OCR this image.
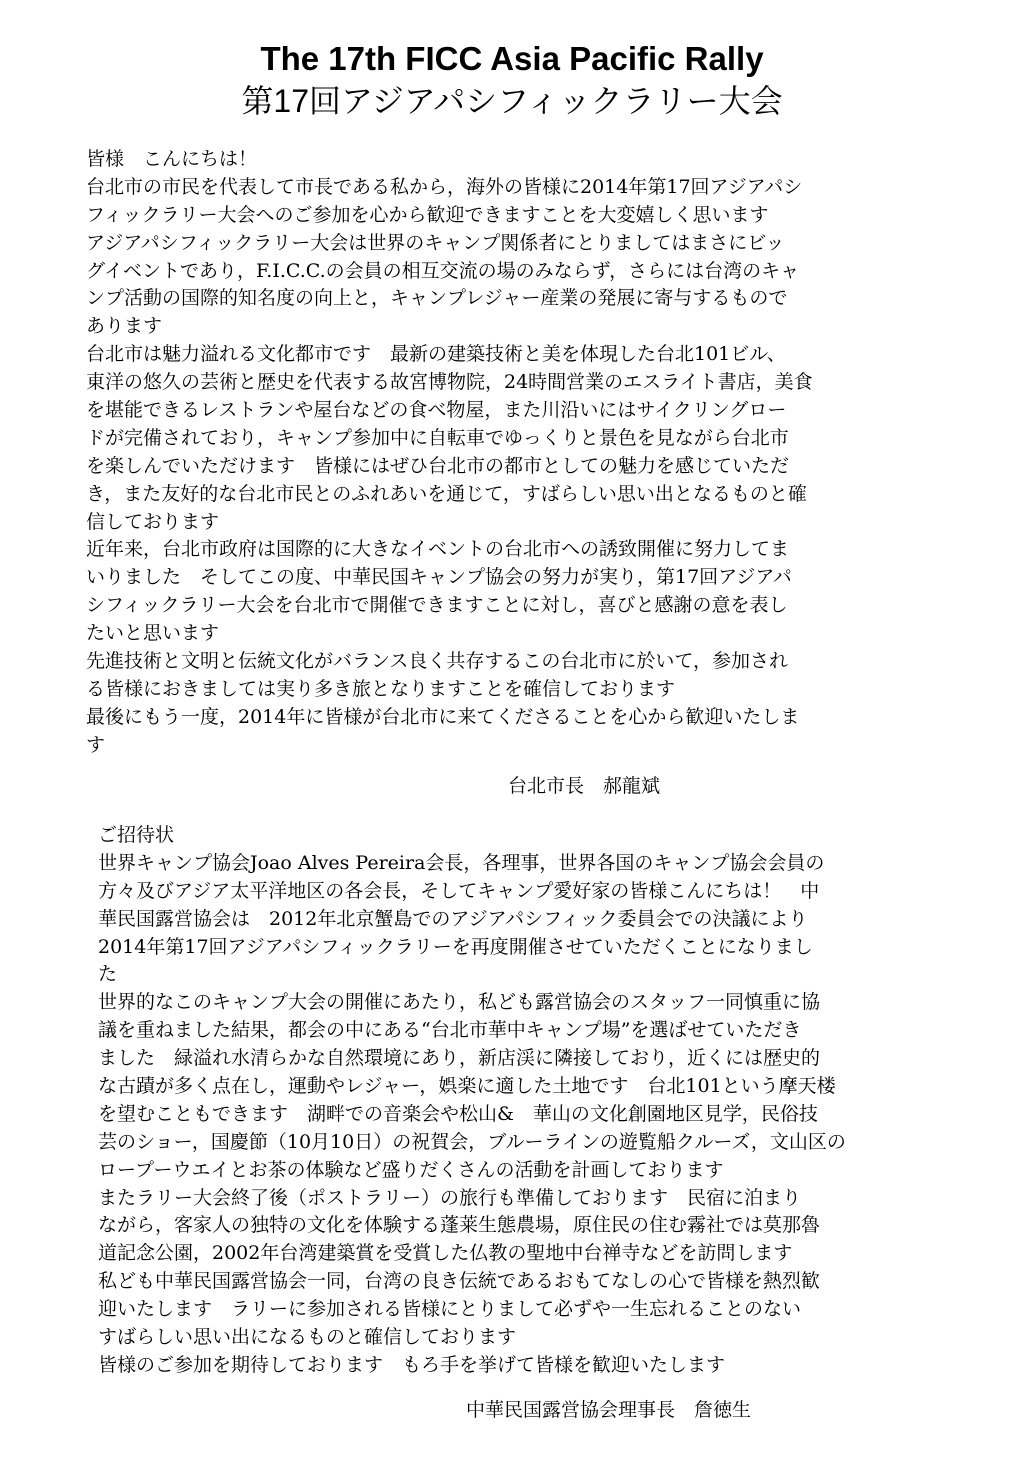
The 17th FICC Asia Pacific Rally
第17回アジアパシフィックラリー大会
皆様　こんにちは！
台北市の市民を代表して市長である私から，海外の皆様に2014年第17回アジアパシ
フィックラリー大会へのご参加を心から歓迎できますことを大変嬉しく思います
アジアパシフィックラリー大会は世界のキャンプ関係者にとりましてはまさにビッ
グイベントであり，F.I.C.C.の会員の相互交流の場のみならず，さらには台湾のキャ
ンプ活動の国際的知名度の向上と，キャンプレジャー産業の発展に寄与するもので
あります
台北市は魅力溢れる文化都市です　最新の建築技術と美を体現した台北101ビル、
東洋の悠久の芸術と歴史を代表する故宮博物院，24時間営業のエスライト書店，美食
を堪能できるレストランや屋台などの食べ物屋，また川沿いにはサイクリングロー
ドが完備されており，キャンプ参加中に自転車でゆっくりと景色を見ながら台北市
を楽しんでいただけます　皆様にはぜひ台北市の都市としての魅力を感じていただ
き，また友好的な台北市民とのふれあいを通じて，すばらしい思い出となるものと確
信しております
近年来，台北市政府は国際的に大きなイベントの台北市への誘致開催に努力してま
いりました　そしてこの度、中華民国キャンプ協会の努力が実り，第17回アジアパ
シフィックラリー大会を台北市で開催できますことに対し，喜びと感謝の意を表し
たいと思います
先進技術と文明と伝統文化がバランス良く共存するこの台北市に於いて，参加され
る皆様におきましては実り多き旅となりますことを確信しております
最後にもう一度，2014年に皆様が台北市に来てくださることを心から歓迎いたしま
す
台北市長　郝龍斌
ご招待状
世界キャンプ協会Joao Alves Pereira会長，各理事，世界各国のキャンプ協会会員の
方々及びアジア太平洋地区の各会長，そしてキャンプ愛好家の皆様こんにちは！　中
華民国露営協会は　2012年北京蟹島でのアジアパシフィック委員会での決議により
2014年第17回アジアパシフィックラリーを再度開催させていただくことになりまし
た
世界的なこのキャンプ大会の開催にあたり，私ども露営協会のスタッフ一同慎重に協
議を重ねました結果，都会の中にある“台北市華中キャンプ場”を選ばせていただき
ました　緑溢れ水清らかな自然環境にあり，新店渓に隣接しており，近くには歴史的
な古蹟が多く点在し，運動やレジャー，娯楽に適した土地です　台北101という摩天楼
を望むこともできます　湖畔での音楽会や松山&　華山の文化創園地区見学，民俗技
芸のショー，国慶節（10月10日）の祝賀会，ブルーラインの遊覧船クルーズ，文山区の
ロープーウエイとお茶の体験など盛りだくさんの活動を計画しております
またラリー大会終了後（ポストラリー）の旅行も準備しております　民宿に泊まり
ながら，客家人の独特の文化を体験する蓬莱生態農場，原住民の住む霧社では莫那魯
道記念公園，2002年台湾建築賞を受賞した仏教の聖地中台禅寺などを訪問します
私ども中華民国露営協会一同，台湾の良き伝統であるおもてなしの心で皆様を熱烈歓
迎いたします　ラリーに参加される皆様にとりまして必ずや一生忘れることのない
すばらしい思い出になるものと確信しております
皆様のご参加を期待しております　もろ手を挙げて皆様を歓迎いたします
中華民国露営協会理事長　詹徳生
